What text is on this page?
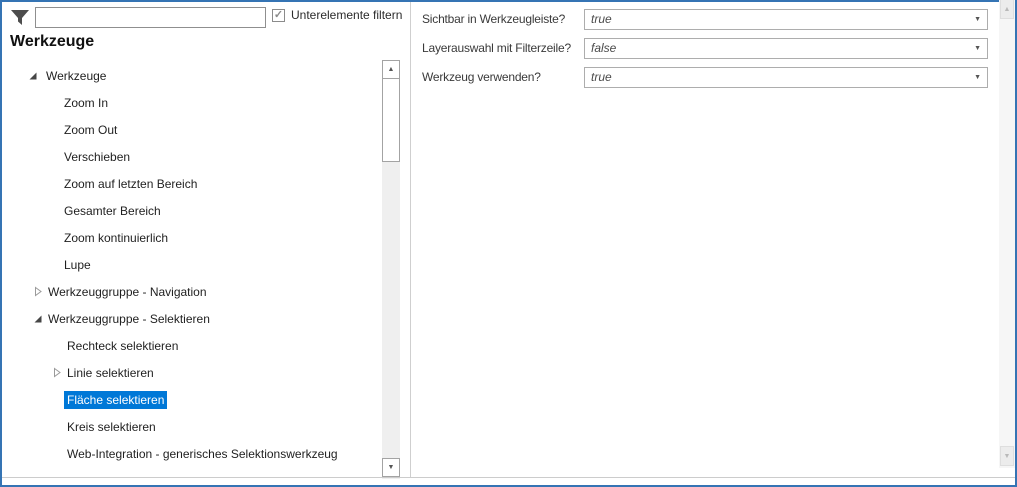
✓ Unterelemente filtern
Werkzeuge
Werkzeuge
Zoom In
Zoom Out
Verschieben
Zoom auf letzten Bereich
Gesamter Bereich
Zoom kontinuierlich
Lupe
Werkzeuggruppe - Navigation
Werkzeuggruppe - Selektieren
Rechteck selektieren
Linie selektieren
Fläche selektieren
Kreis selektieren
Web-Integration - generisches Selektionswerkzeug
▲
▼
Sichtbar in Werkzeugleiste? true	▼
Layerauswahl mit Filterzeile? false	▼
Werkzeug verwenden?	true	▼
▲
▼
